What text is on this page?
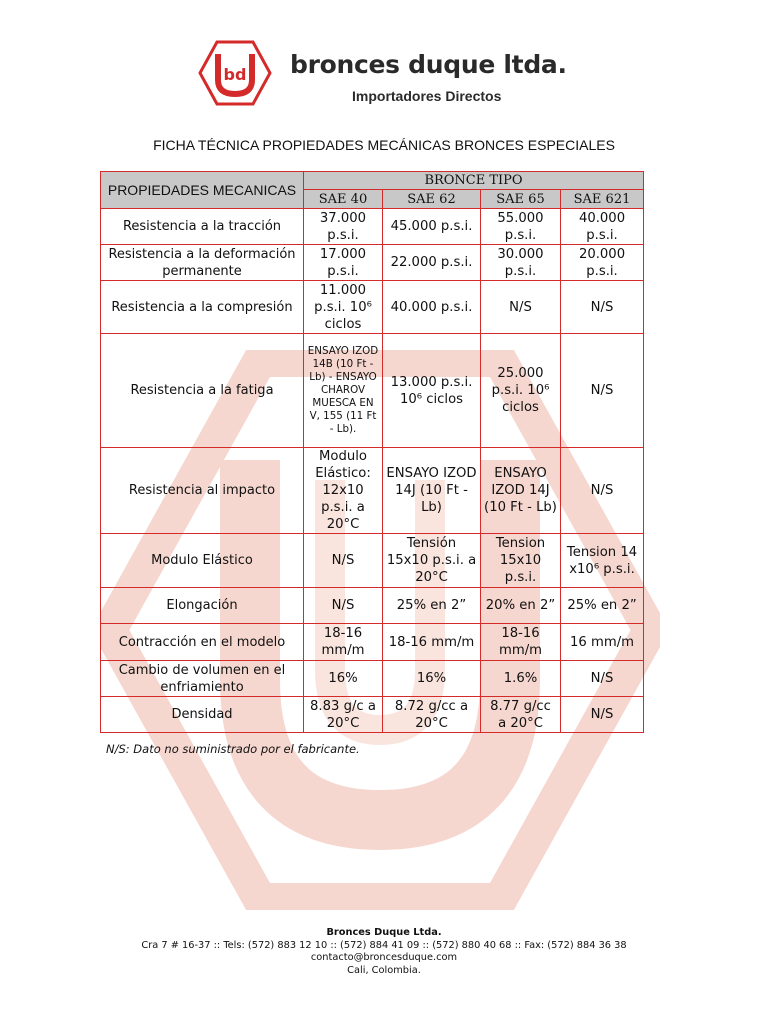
bd bronces duque ltda.
Importadores Directos
FICHA TÉCNICA PROPIEDADES MECÁNICAS BRONCES ESPECIALES
PROPIEDADES MECANICAS	BRONCE TIPO			
	SAE 40	SAE 62	SAE 65	SAE 621
Resistencia a la tracción	37.000 p.s.i.	45.000 p.s.i.	55.000 p.s.i.	40.000 p.s.i.
Resistencia a la deformación permanente	17.000 p.s.i.	22.000 p.s.i.	30.000 p.s.i.	20.000 p.s.i.
Resistencia a la compresión	11.000 p.s.i. 10⁶ ciclos	40.000 p.s.i.	N/S	N/S
Resistencia a la fatiga	ENSAYO IZOD 14B (10 Ft - Lb) - ENSAYO CHAROV MUESCA EN V, 155 (11 Ft - Lb).	13.000 p.s.i. 10⁶ ciclos	25.000 p.s.i. 10⁶ ciclos	N/S
Resistencia al impacto	Modulo Elástico: 12x10 p.s.i. a 20°C	ENSAYO IZOD 14J (10 Ft - Lb)	ENSAYO IZOD 14J (10 Ft - Lb)	N/S
Modulo Elástico	N/S	Tensión 15x10 p.s.i. a 20°C	Tension 15x10 p.s.i.	Tension 14 x10⁶ p.s.i.
Elongación	N/S	25% en 2”	20% en 2”	25% en 2”
Contracción en el modelo	18-16 mm/m	18-16 mm/m	18-16 mm/m	16 mm/m
Cambio de volumen en el enfriamiento	16%	16%	1.6%	N/S
Densidad	8.83 g/c a 20°C	8.72 g/cc a 20°C	8.77 g/cc a 20°C	N/S
N/S: Dato no suministrado por el fabricante.
Bronces Duque Ltda.
Cra 7 # 16-37 :: Tels: (572) 883 12 10 :: (572) 884 41 09 :: (572) 880 40 68 :: Fax: (572) 884 36 38
contacto@broncesduque.com
Cali, Colombia.
